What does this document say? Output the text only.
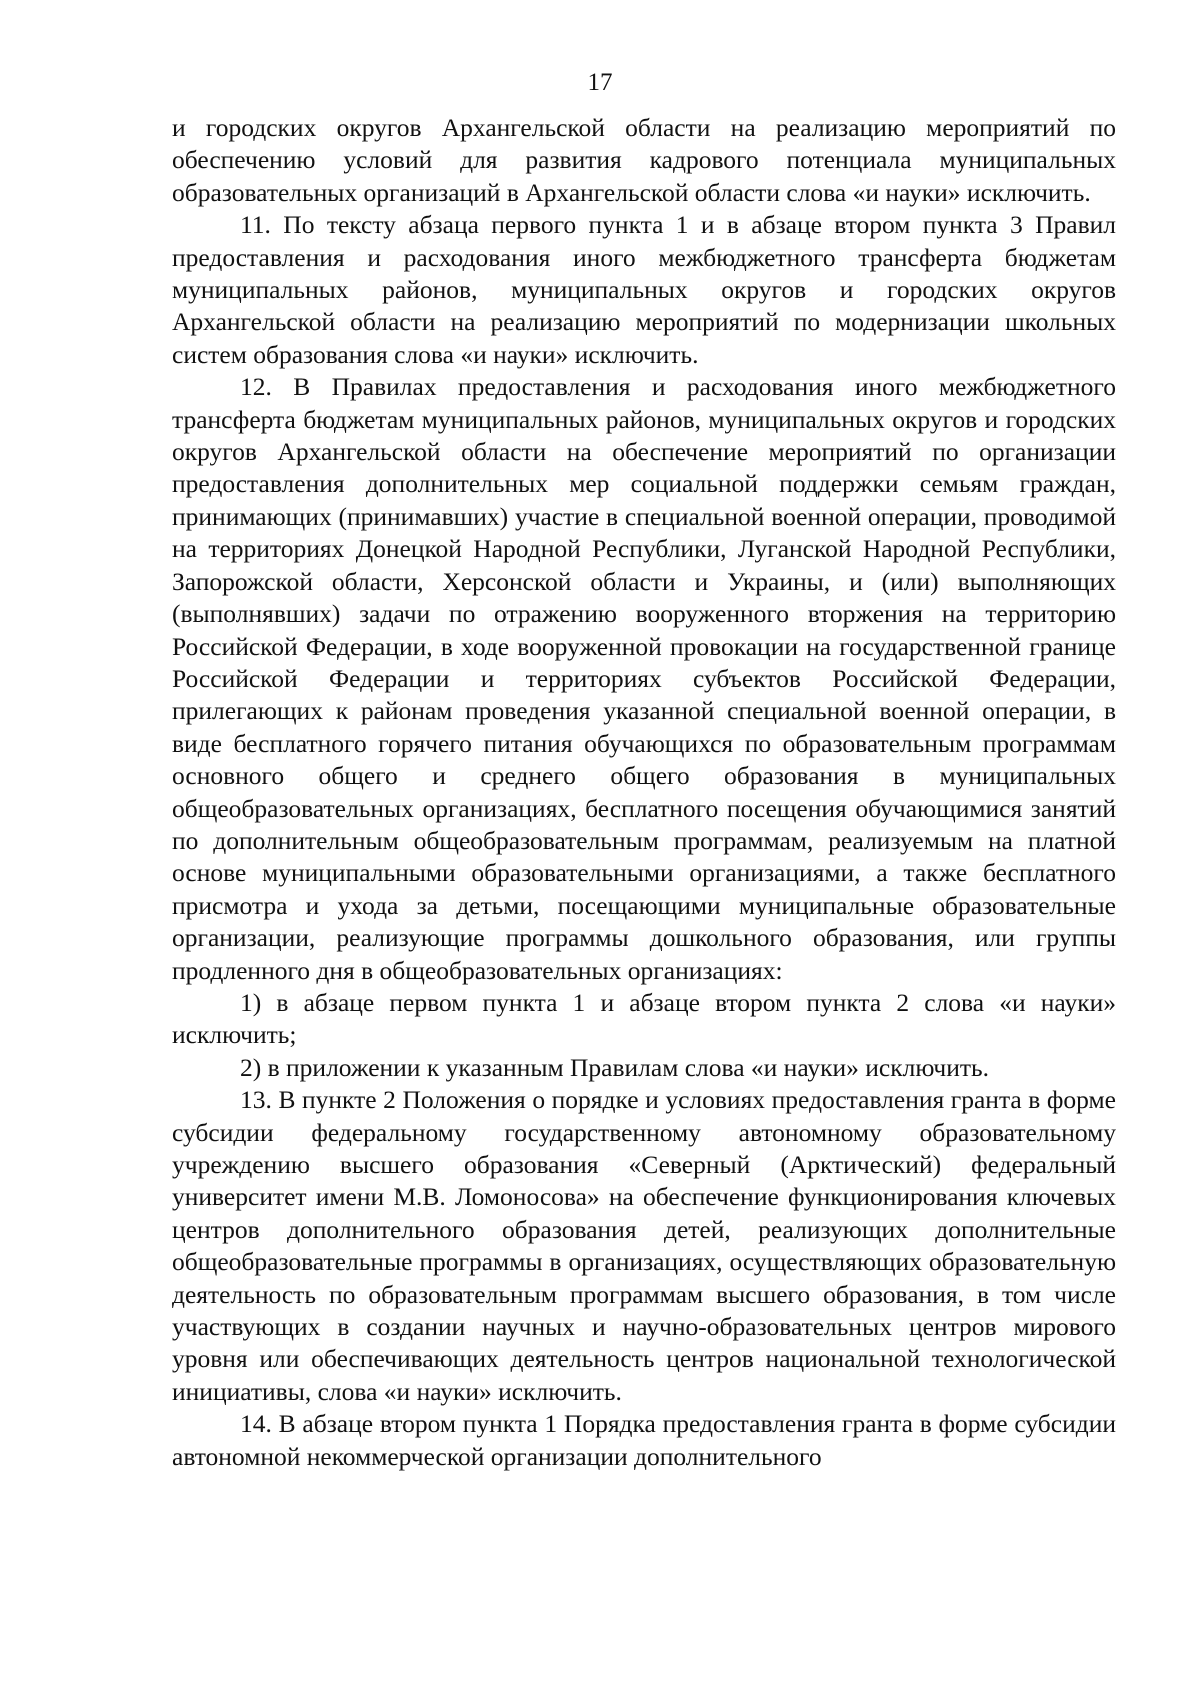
17

и городских округов Архангельской области на реализацию мероприятий по обеспечению условий для развития кадрового потенциала муниципальных образовательных организаций в Архангельской области слова «и науки» исключить.

11. По тексту абзаца первого пункта 1 и в абзаце втором пункта 3 Правил предоставления и расходования иного межбюджетного трансферта бюджетам муниципальных районов, муниципальных округов и городских округов Архангельской области на реализацию мероприятий по модернизации школьных систем образования слова «и науки» исключить.

12. В Правилах предоставления и расходования иного межбюджетного трансферта бюджетам муниципальных районов, муниципальных округов и городских округов Архангельской области на обеспечение мероприятий по организации предоставления дополнительных мер социальной поддержки семьям граждан, принимающих (принимавших) участие в специальной военной операции, проводимой на территориях Донецкой Народной Республики, Луганской Народной Республики, Запорожской области, Херсонской области и Украины, и (или) выполняющих (выполнявших) задачи по отражению вооруженного вторжения на территорию Российской Федерации, в ходе вооруженной провокации на государственной границе Российской Федерации и территориях субъектов Российской Федерации, прилегающих к районам проведения указанной специальной военной операции, в виде бесплатного горячего питания обучающихся по образовательным программам основного общего и среднего общего образования в муниципальных общеобразовательных организациях, бесплатного посещения обучающимися занятий по дополнительным общеобразовательным программам, реализуемым на платной основе муниципальными образовательными организациями, а также бесплатного присмотра и ухода за детьми, посещающими муниципальные образовательные организации, реализующие программы дошкольного образования, или группы продленного дня в общеобразовательных организациях:

1) в абзаце первом пункта 1 и абзаце втором пункта 2 слова «и науки» исключить;

2) в приложении к указанным Правилам слова «и науки» исключить.

13. В пункте 2 Положения о порядке и условиях предоставления гранта в форме субсидии федеральному государственному автономному образовательному учреждению высшего образования «Северный (Арктический) федеральный университет имени М.В. Ломоносова» на обеспечение функционирования ключевых центров дополнительного образования детей, реализующих дополнительные общеобразовательные программы в организациях, осуществляющих образовательную деятельность по образовательным программам высшего образования, в том числе участвующих в создании научных и научно-образовательных центров мирового уровня или обеспечивающих деятельность центров национальной технологической инициативы, слова «и науки» исключить.

14. В абзаце втором пункта 1 Порядка предоставления гранта в форме субсидии автономной некоммерческой организации дополнительного
